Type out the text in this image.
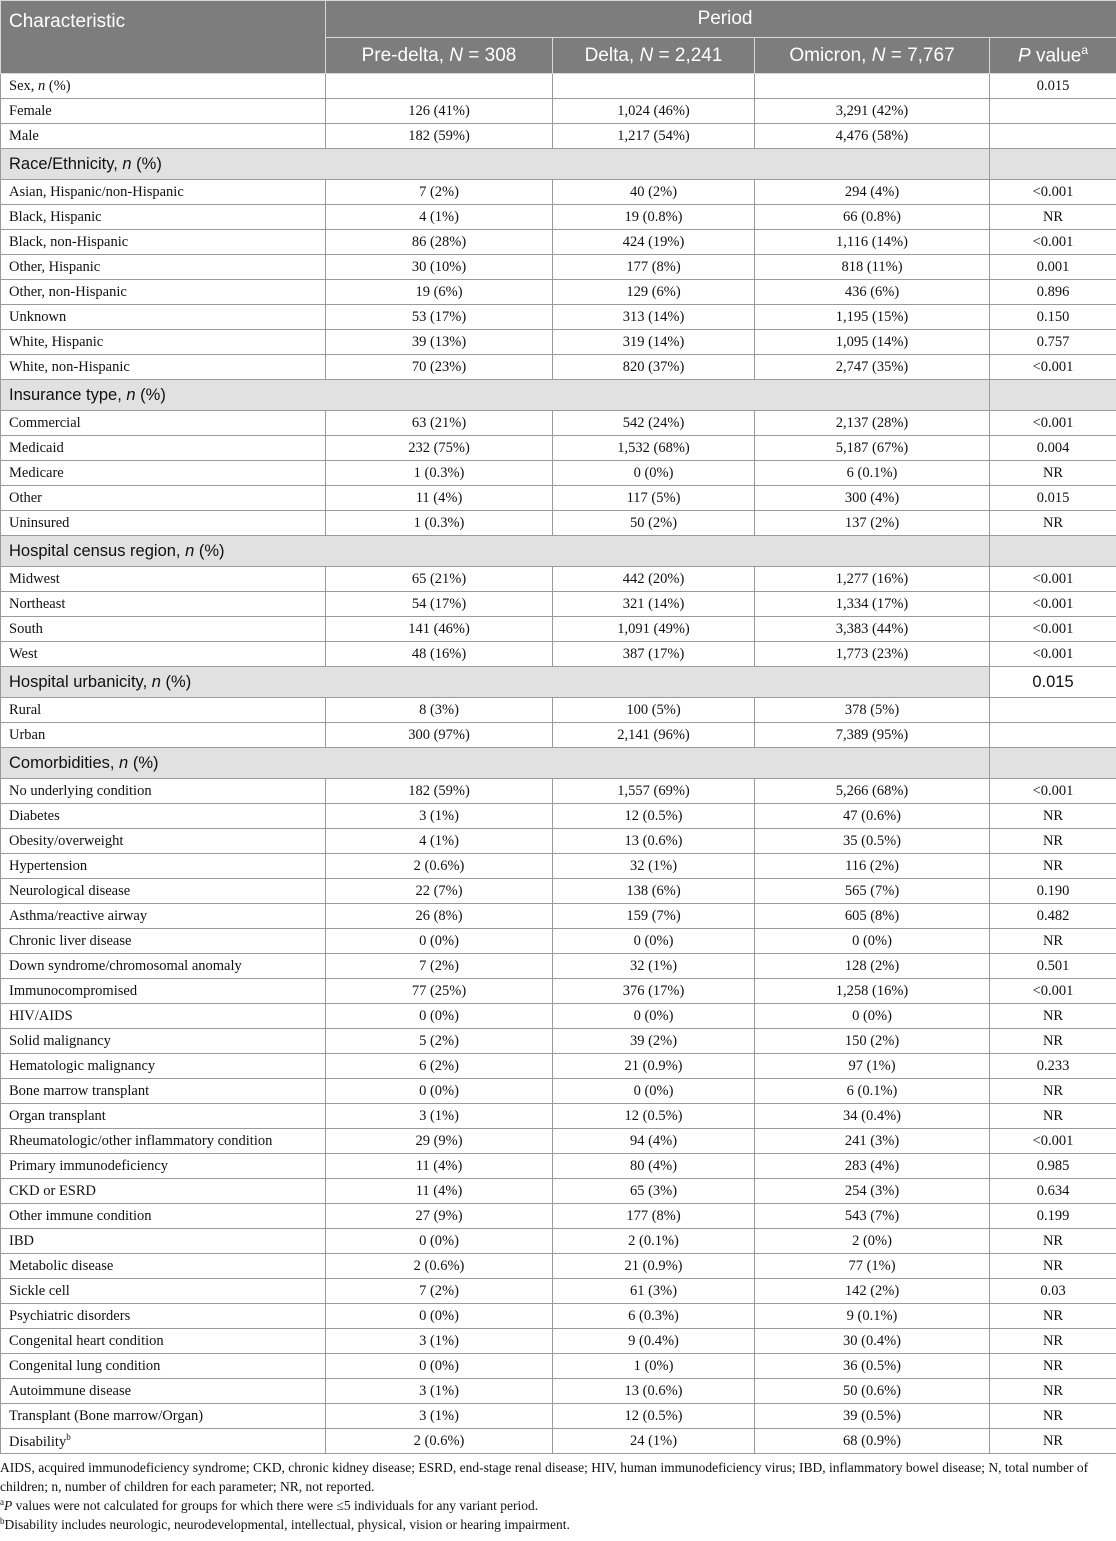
Characteristic	Period			
	Pre-delta, N = 308	Delta, N = 2,241	Omicron, N = 7,767	P value$^a$
Sex, n (%)				0.015
Female	126 (41%)	1,024 (46%)	3,291 (42%)	
Male	182 (59%)	1,217 (54%)	4,476 (58%)	
Race/Ethnicity, n (%)				
Asian, Hispanic/non-Hispanic	7 (2%)	40 (2%)	294 (4%)	<0.001
Black, Hispanic	4 (1%)	19 (0.8%)	66 (0.8%)	NR
Black, non-Hispanic	86 (28%)	424 (19%)	1,116 (14%)	<0.001
Other, Hispanic	30 (10%)	177 (8%)	818 (11%)	0.001
Other, non-Hispanic	19 (6%)	129 (6%)	436 (6%)	0.896
Unknown	53 (17%)	313 (14%)	1,195 (15%)	0.150
White, Hispanic	39 (13%)	319 (14%)	1,095 (14%)	0.757
White, non-Hispanic	70 (23%)	820 (37%)	2,747 (35%)	<0.001
Insurance type, n (%)				
Commercial	63 (21%)	542 (24%)	2,137 (28%)	<0.001
Medicaid	232 (75%)	1,532 (68%)	5,187 (67%)	0.004
Medicare	1 (0.3%)	0 (0%)	6 (0.1%)	NR
Other	11 (4%)	117 (5%)	300 (4%)	0.015
Uninsured	1 (0.3%)	50 (2%)	137 (2%)	NR
Hospital census region, n (%)				
Midwest	65 (21%)	442 (20%)	1,277 (16%)	<0.001
Northeast	54 (17%)	321 (14%)	1,334 (17%)	<0.001
South	141 (46%)	1,091 (49%)	3,383 (44%)	<0.001
West	48 (16%)	387 (17%)	1,773 (23%)	<0.001
Hospital urbanicity, n (%)				0.015
Rural	8 (3%)	100 (5%)	378 (5%)	
Urban	300 (97%)	2,141 (96%)	7,389 (95%)	
Comorbidities, n (%)				
No underlying condition	182 (59%)	1,557 (69%)	5,266 (68%)	<0.001
Diabetes	3 (1%)	12 (0.5%)	47 (0.6%)	NR
Obesity/overweight	4 (1%)	13 (0.6%)	35 (0.5%)	NR
Hypertension	2 (0.6%)	32 (1%)	116 (2%)	NR
Neurological disease	22 (7%)	138 (6%)	565 (7%)	0.190
Asthma/reactive airway	26 (8%)	159 (7%)	605 (8%)	0.482
Chronic liver disease	0 (0%)	0 (0%)	0 (0%)	NR
Down syndrome/chromosomal anomaly	7 (2%)	32 (1%)	128 (2%)	0.501
Immunocompromised	77 (25%)	376 (17%)	1,258 (16%)	<0.001
HIV/AIDS	0 (0%)	0 (0%)	0 (0%)	NR
Solid malignancy	5 (2%)	39 (2%)	150 (2%)	NR
Hematologic malignancy	6 (2%)	21 (0.9%)	97 (1%)	0.233
Bone marrow transplant	0 (0%)	0 (0%)	6 (0.1%)	NR
Organ transplant	3 (1%)	12 (0.5%)	34 (0.4%)	NR
Rheumatologic/other inflammatory condition	29 (9%)	94 (4%)	241 (3%)	<0.001
Primary immunodeficiency	11 (4%)	80 (4%)	283 (4%)	0.985
CKD or ESRD	11 (4%)	65 (3%)	254 (3%)	0.634
Other immune condition	27 (9%)	177 (8%)	543 (7%)	0.199
IBD	0 (0%)	2 (0.1%)	2 (0%)	NR
Metabolic disease	2 (0.6%)	21 (0.9%)	77 (1%)	NR
Sickle cell	7 (2%)	61 (3%)	142 (2%)	0.03
Psychiatric disorders	0 (0%)	6 (0.3%)	9 (0.1%)	NR
Congenital heart condition	3 (1%)	9 (0.4%)	30 (0.4%)	NR
Congenital lung condition	0 (0%)	1 (0%)	36 (0.5%)	NR
Autoimmune disease	3 (1%)	13 (0.6%)	50 (0.6%)	NR
Transplant (Bone marrow/Organ)	3 (1%)	12 (0.5%)	39 (0.5%)	NR
Disability$^b$	2 (0.6%)	24 (1%)	68 (0.9%)	NR
AIDS, acquired immunodeficiency syndrome; CKD, chronic kidney disease; ESRD, end-stage renal disease; HIV, human immunodeficiency virus; IBD, inflammatory bowel disease; N, total number of children; n, number of children for each parameter; NR, not reported.
$^a$P values were not calculated for groups for which there were ≤5 individuals for any variant period.
$^b$Disability includes neurologic, neurodevelopmental, intellectual, physical, vision or hearing impairment.
